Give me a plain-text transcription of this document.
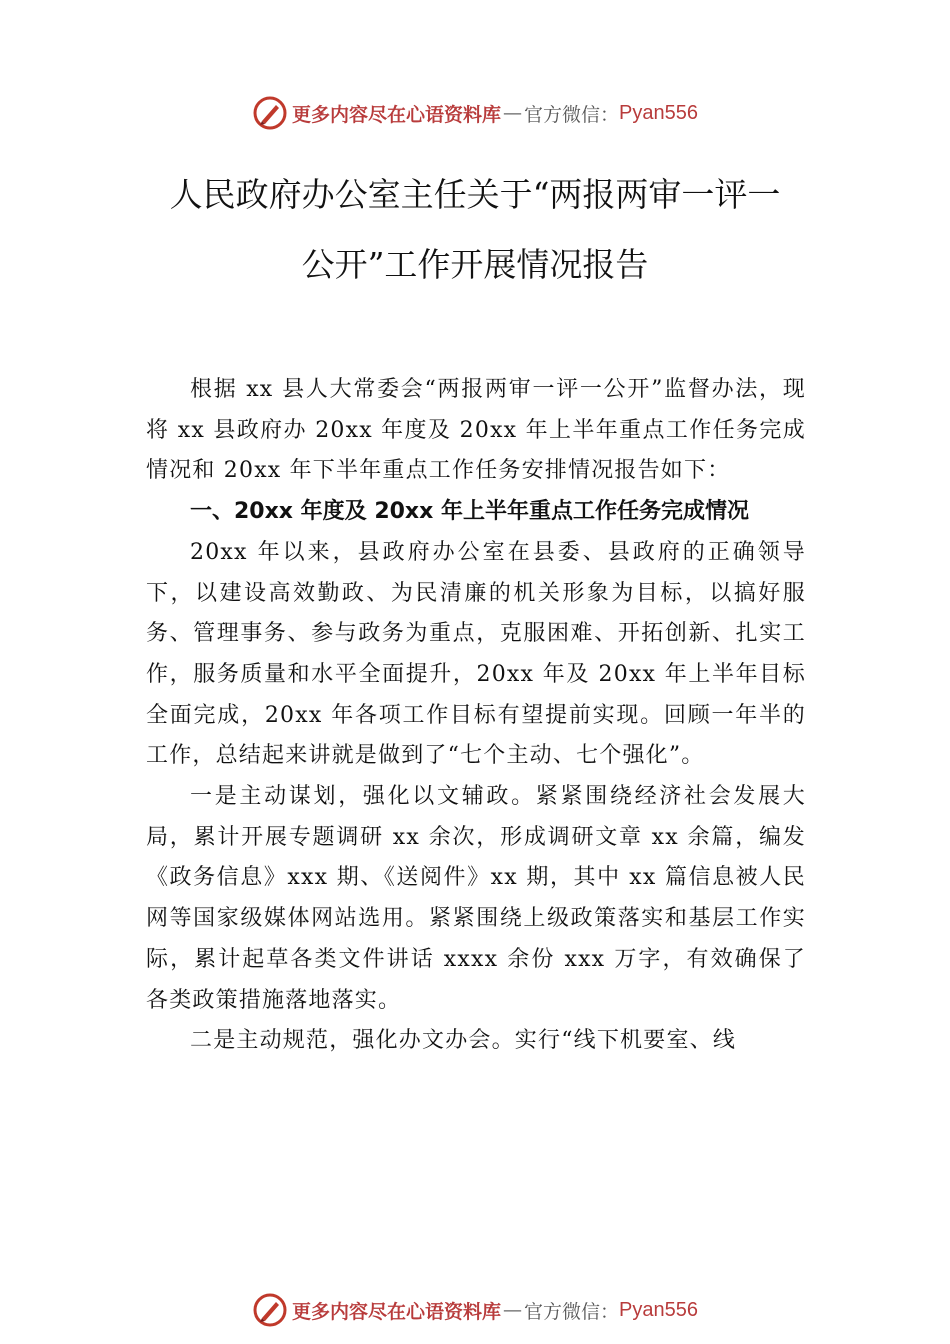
更多内容尽在心语资料库 — 官方微信： Pyan556
人民政府办公室主任关于“两报两审一评一
公开”工作开展情况报告

根据 xx 县人大常委会“两报两审一评一公开”监督办法，现将 xx 县政府办 20xx 年度及 20xx 年上半年重点工作任务完成情况和 20xx 年下半年重点工作任务安排情况报告如下：

一、20xx 年度及 20xx 年上半年重点工作任务完成情况

20xx 年以来，县政府办公室在县委、县政府的正确领导下，以建设高效勤政、为民清廉的机关形象为目标，以搞好服务、管理事务、参与政务为重点，克服困难、开拓创新、扎实工作，服务质量和水平全面提升，20xx 年及 20xx 年上半年目标全面完成，20xx 年各项工作目标有望提前实现。回顾一年半的工作，总结起来讲就是做到了“七个主动、七个强化”。

一是主动谋划，强化以文辅政。紧紧围绕经济社会发展大局，累计开展专题调研 xx 余次，形成调研文章 xx 余篇，编发《政务信息》xxx 期、《送阅件》xx 期，其中 xx 篇信息被人民网等国家级媒体网站选用。紧紧围绕上级政策落实和基层工作实际，累计起草各类文件讲话 xxxx 余份 xxx 万字，有效确保了各类政策措施落地落实。

二是主动规范，强化办文办会。实行“线下机要室、线

更多内容尽在心语资料库 — 官方微信： Pyan556
